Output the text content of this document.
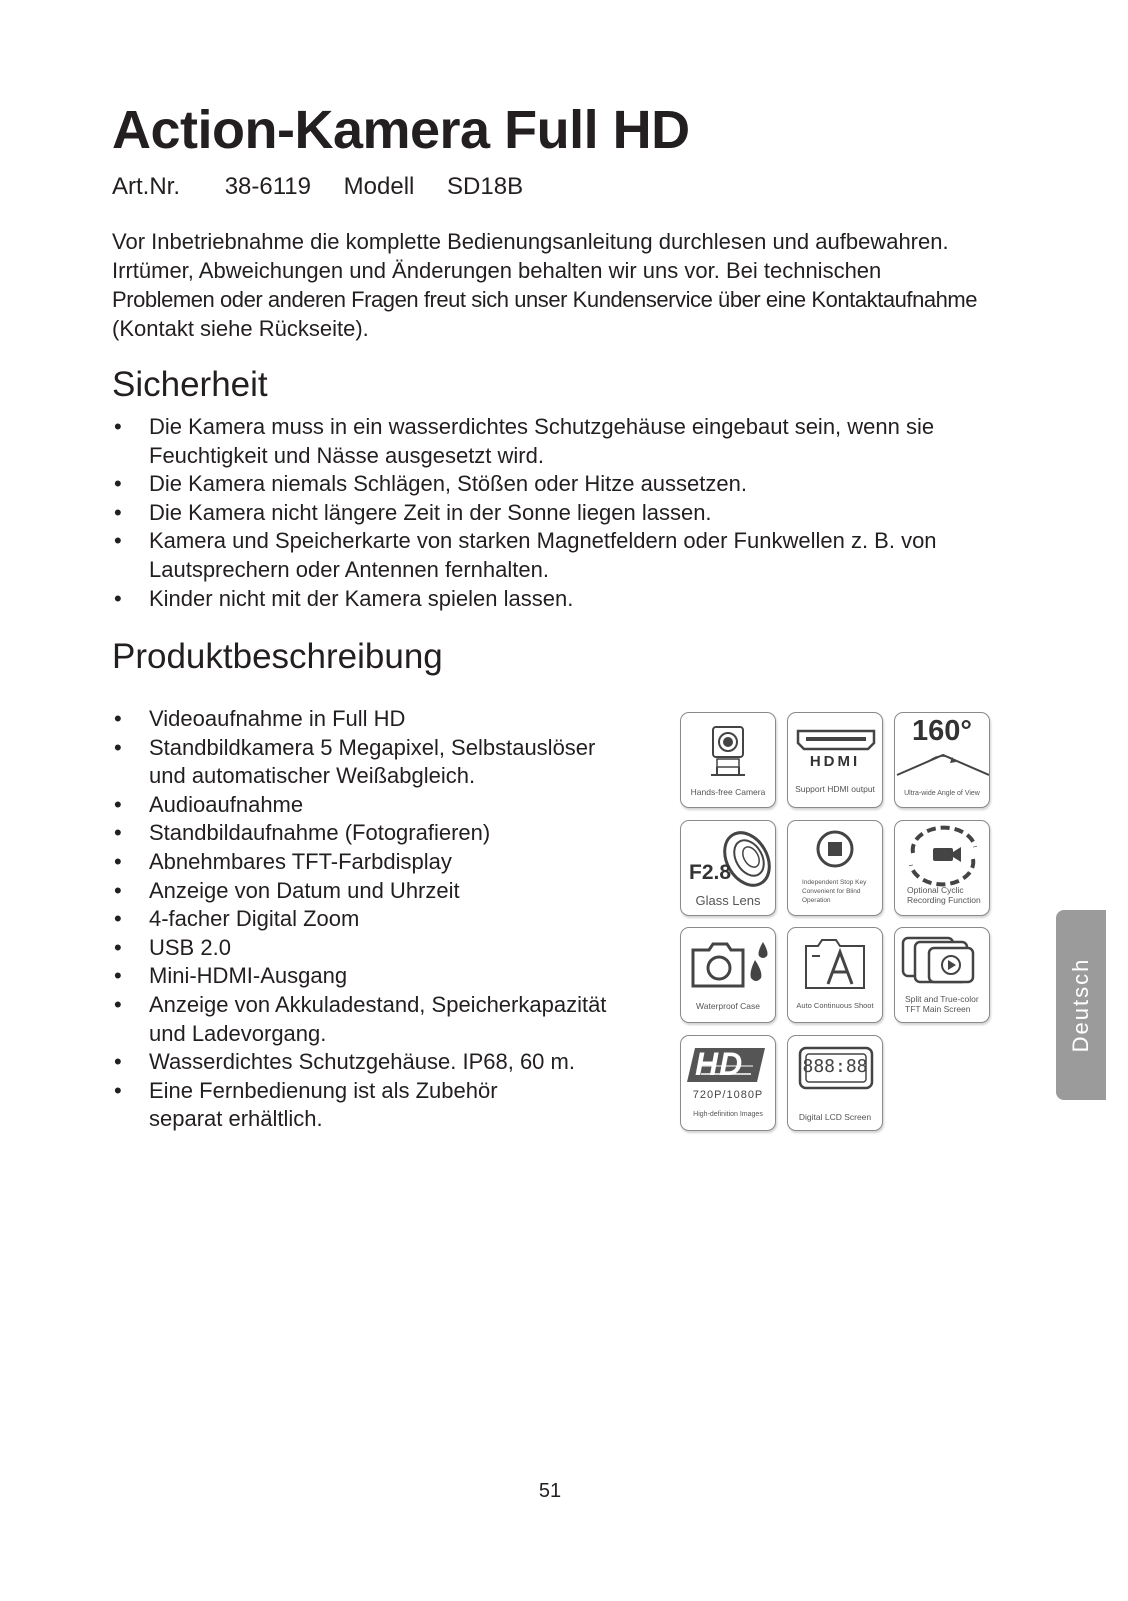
Action-Kamera Full HD
Art.Nr. 38-6119 Modell SD18B

Vor Inbetriebnahme die komplette Bedienungsanleitung durchlesen und aufbewahren.
Irrtümer, Abweichungen und Änderungen behalten wir uns vor. Bei technischen
Problemen oder anderen Fragen freut sich unser Kundenservice über eine Kontaktaufnahme
(Kontakt siehe Rückseite).

Sicherheit
• Die Kamera muss in ein wasserdichtes Schutzgehäuse eingebaut sein, wenn sie
Feuchtigkeit und Nässe ausgesetzt wird.
• Die Kamera niemals Schlägen, Stößen oder Hitze aussetzen.
• Die Kamera nicht längere Zeit in der Sonne liegen lassen.
• Kamera und Speicherkarte von starken Magnetfeldern oder Funkwellen z. B. von
Lautsprechern oder Antennen fernhalten.
• Kinder nicht mit der Kamera spielen lassen.
Produktbeschreibung
• Videoaufnahme in Full HD
• Standbildkamera 5 Megapixel, Selbstauslöser
und automatischer Weißabgleich.
• Audioaufnahme
• Standbildaufnahme (Fotografieren)
• Abnehmbares TFT-Farbdisplay
• Anzeige von Datum und Uhrzeit
• 4-facher Digital Zoom
• USB 2.0
• Mini-HDMI-Ausgang
• Anzeige von Akkuladestand, Speicherkapazität
und Ladevorgang.
• Wasserdichtes Schutzgehäuse. IP68, 60 m.
• Eine Fernbedienung ist als Zubehör
separat erhältlich.
Hands-free Camera
HDMI
Support HDMI output
160°
Ultra-wide Angle of View
F2.8
Glass Lens
Independent Stop Key
Convenient for Blind
Operation
Optional Cyclic
Recording Function
Waterproof Case	Auto Continuous Shoot
Split and True-color
TFT Main Screen
HD
720P/1080P
High-definition Images
888:88
Digital LCD Screen
Deutsch
51
